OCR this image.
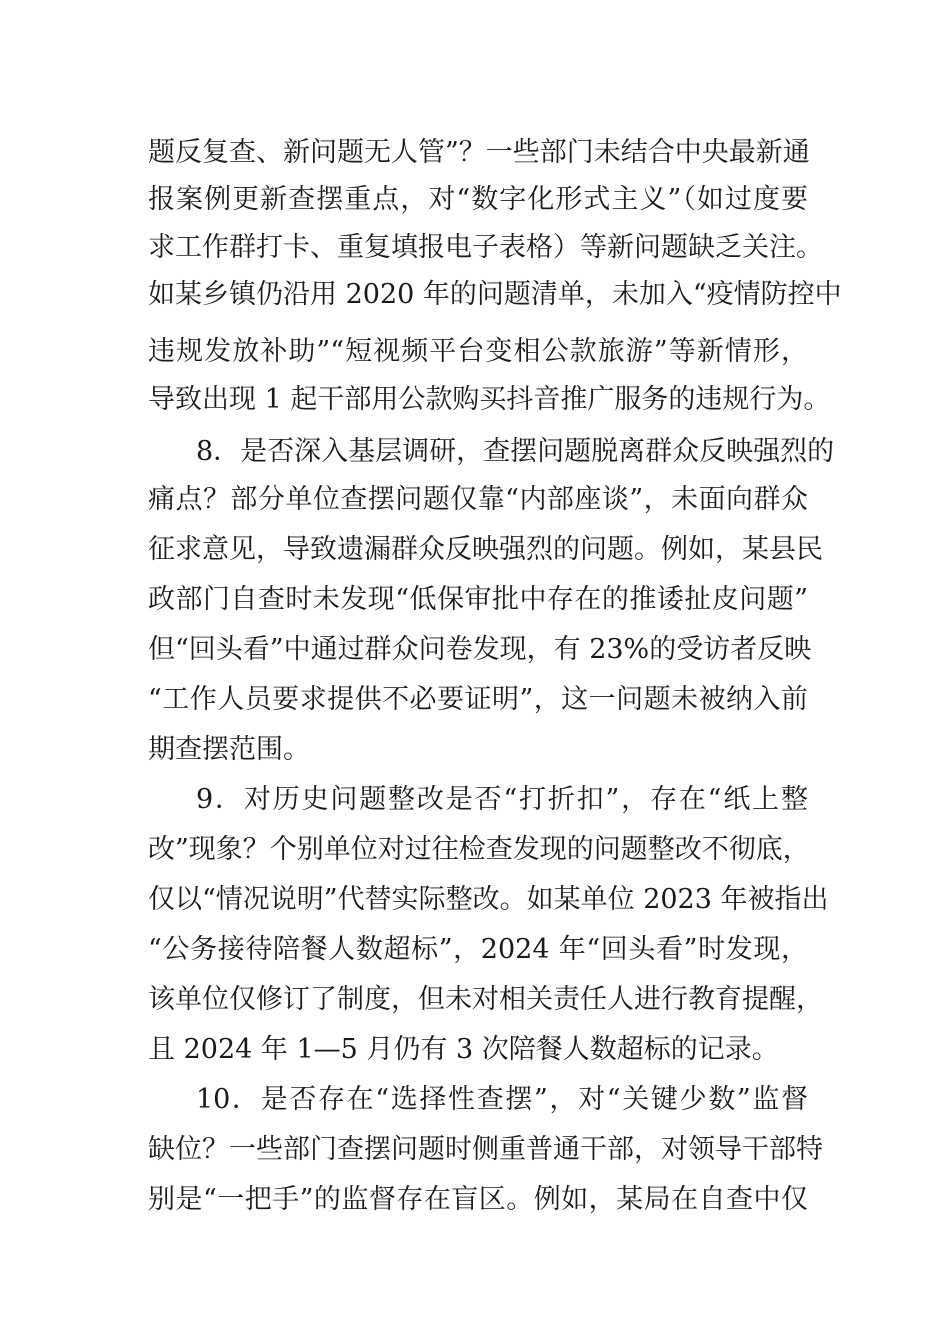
题反复查、新问题无人管”？一些部门未结合中央最新通
报案例更新查摆重点，对“数字化形式主义”（如过度要
求工作群打卡、重复填报电子表格）等新问题缺乏关注。
如某乡镇仍沿用 2020 年的问题清单，未加入“疫情防控中
违规发放补助”“短视频平台变相公款旅游”等新情形，
导致出现 1 起干部用公款购买抖音推广服务的违规行为。
8．是否深入基层调研，查摆问题脱离群众反映强烈的
痛点？部分单位查摆问题仅靠“内部座谈”，未面向群众
征求意见，导致遗漏群众反映强烈的问题。例如，某县民
政部门自查时未发现“低保审批中存在的推诿扯皮问题”
但“回头看”中通过群众问卷发现，有 23%的受访者反映
“工作人员要求提供不必要证明”，这一问题未被纳入前
期查摆范围。
9．对历史问题整改是否“打折扣”，存在“纸上整
改”现象？个别单位对过往检查发现的问题整改不彻底，
仅以“情况说明”代替实际整改。如某单位 2023 年被指出
“公务接待陪餐人数超标”，2024 年“回头看”时发现，
该单位仅修订了制度，但未对相关责任人进行教育提醒，
且 2024 年 1—5 月仍有 3 次陪餐人数超标的记录。
10．是否存在“选择性查摆”，对“关键少数”监督
缺位？一些部门查摆问题时侧重普通干部，对领导干部特
别是“一把手”的监督存在盲区。例如，某局在自查中仅
